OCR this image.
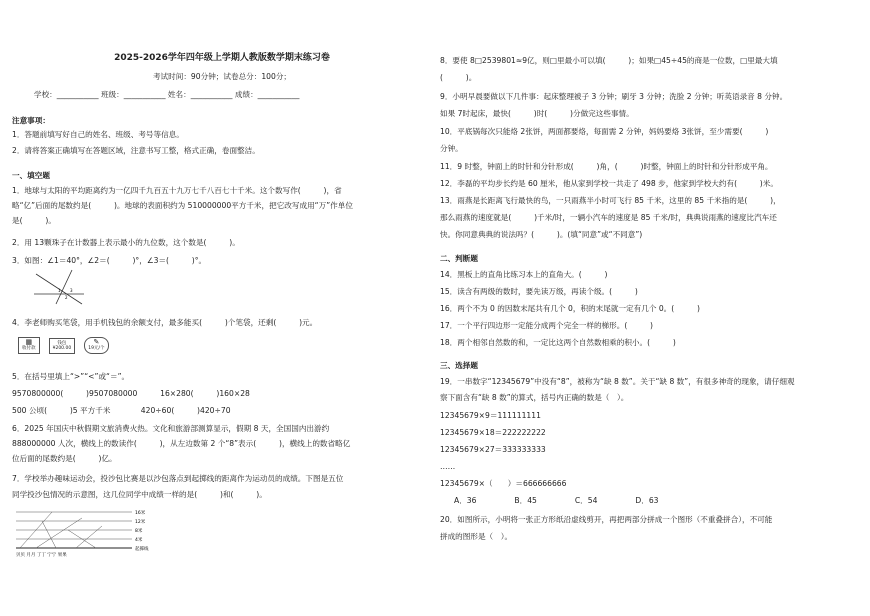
2025-2026学年四年级上学期人教版数学期末练习卷
考试时间：90分钟；试卷总分：100分；
学校：___________ 班级：___________ 姓名：___________ 成绩：___________
注意事项：
1．答题前填写好自己的姓名、班级、考号等信息。
2．请将答案正确填写在答题区域，注意书写工整，格式正确，卷面整洁。
一、填空题
1．地球与太阳的平均距离约为一亿四千九百五十九万七千八百七十千米。这个数写作(　　　)，省
略“亿”后面的尾数约是(　　　)。地球的表面积约为 510000000平方千米，把它改写成用“万”作单位
是(　　　)。
2．用 13颗珠子在计数器上表示最小的九位数，这个数是(　　　)。
3．如图：∠1＝40°，∠2＝(　　　)°，∠3＝(　　　)°。
1
2
3
4．李老师购买笔袋，用手机钱包的余额支付，最多能买(　　　)个笔袋，还剩(　　　)元。
▦
收付款 钱包
¥200.00 ✎
19元/个
5．在括号里填上“>”“<”或“＝”。
9570800000(　　　)9507080000　　　16×280(　　　)160×28
500 公顷(　　　)5 平方千米　　　　420÷60(　　　)420÷70
6．2025 年国庆中秋假期文旅消费火热。文化和旅游部测算显示，假期 8 天，全国国内出游约
888000000 人次，横线上的数读作(　　　)，从左边数第 2 个“8”表示(　　　)，横线上的数省略亿
位后面的尾数约是(　　　)亿。
7．学校举办趣味运动会，投沙包比赛是以沙包落点到起掷线的距离作为运动员的成绩。下图是五位
同学投沙包情况的示意图，这几位同学中成绩一样的是(　　　)和(　　　)。
16米
12米
8米
4米
起掷线
贝贝 月月 丁丁 宁宁 果果
8．要使 8□2539801≈9亿，则□里最小可以填(　　　)；如果□45÷45的商是一位数，□里最大填
(　　　)。
9．小明早晨要做以下几件事：起床整理被子 3 分钟；刷牙 3 分钟；洗脸 2 分钟；听英语录音 8 分钟。
如果 7时起床，最快(　　　)时(　　　)分做完这些事情。
10．平底锅每次只能烙 2张饼，两面都要烙，每面需 2 分钟，妈妈要烙 3张饼，至少需要(　　　)
分钟。
11．9 时整，钟面上的时针和分针形成(　　　)角，(　　　)时整，钟面上的时针和分针形成平角。
12．李磊的平均步长约是 60 厘米，他从家到学校一共走了 498 步，他家到学校大约有(　　　)米。
13．雨燕是长距离飞行最快的鸟，一只雨燕半小时可飞行 85 千米，这里的 85 千米指的是(　　　)，
那么雨燕的速度就是(　　　)千米/时，一辆小汽车的速度是 85 千米/时，典典说雨燕的速度比汽车还
快。你同意典典的说法吗？(　　　)。(填“同意”或“不同意”)
二、判断题
14．黑板上的直角比练习本上的直角大。(　　　)
15．读含有两级的数时，要先读万级，再读个级。(　　　)
16．两个不为 0 的因数末尾共有几个 0，积的末尾就一定有几个 0。(　　　)
17．一个平行四边形一定能分成两个完全一样的梯形。(　　　)
18．两个相邻自然数的和，一定比这两个自然数相乘的积小。(　　　)
三、选择题
19．一串数字“12345679”中没有“8”，被称为“缺 8 数”。关于“缺 8 数”，有很多神奇的现象，请仔细观
察下面含有“缺 8 数”的算式，括号内正确的数是（　）。
12345679×9＝111111111
12345679×18＝222222222
12345679×27＝333333333
……
12345679×（　　）＝666666666
A．36　　　　　B．45　　　　　C．54　　　　　D．63
20．如图所示，小明将一张正方形纸沿虚线剪开，再把两部分拼成一个图形（不重叠拼合），不可能
拼成的图形是（　）。
